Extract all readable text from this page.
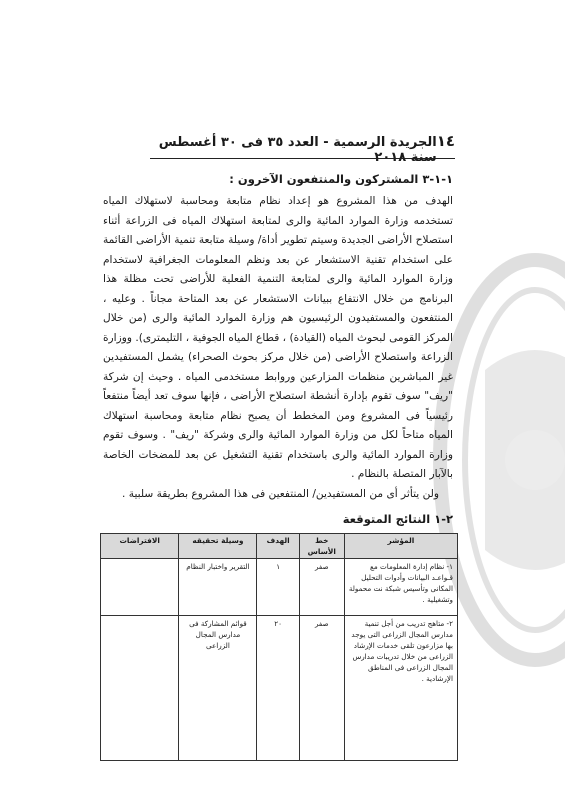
١٤
الجريدة الرسمية - العدد ٣٥ فى ٣٠ أغسطس سنة ٢٠١٨
١-١-٣ المشتركون والمنتفعون الآخرون :

الهدف من هذا المشروع هو إعداد نظام متابعة ومحاسبة لاستهلاك المياه تستخدمه وزارة الموارد المائية والرى لمتابعة استهلاك المياه فى الزراعة أثناء استصلاح الأراضى الجديدة وسيتم تطوير أداة/ وسيلة متابعة تنمية الأراضى القائمة على استخدام تقنية الاستشعار عن بعد ونظم المعلومات الجغرافية لاستخدام وزارة الموارد المائية والرى لمتابعة التنمية الفعلية للأراضى تحت مظلة هذا البرنامج من خلال الانتفاع ببيانات الاستشعار عن بعد المتاحة مجاناً . وعليه ، المنتفعون والمستفيدون الرئيسيون هم وزارة الموارد المائية والرى (من خلال المركز القومى لبحوث المياه (القيادة) ، قطاع المياه الجوفية ، التليمترى). ووزارة الزراعة واستصلاح الأراضى (من خلال مركز بحوث الصحراء) يشمل المستفيدين غير المباشرين منظمات المزارعين وروابط مستخدمى المياه . وحيث إن شركة "ريف" سوف تقوم بإدارة أنشطة استصلاح الأراضى ، فإنها سوف تعد أيضاً منتفعاً رئيسياً فى المشروع ومن المخطط أن يصبح نظام متابعة ومحاسبة استهلاك المياه متاحاً لكل من وزارة الموارد المائية والرى وشركة "ريف" . وسوف تقوم وزارة الموارد المائية والرى باستخدام تقنية التشغيل عن بعد للمضخات الخاصة بالآبار المتصلة بالنظام .

ولن يتأثر أى من المستفيدين/ المنتفعين فى هذا المشروع بطريقة سلبية .

٢-١ النتائج المتوقعة
المؤشر	خط الأساس	الهدف	وسيلة تحقيقه	الافتراضات
١- نظام إدارة المعلومات مع قـواعـد البيانات وأدوات التحليل المكانى وتأسيس شبكة نت محمولة وتشغيلية .	صفر	١	التقرير واختبار النظام	
٢- متاهج تدريب من أجل تنمية مدارس المجال الزراعى التى يوجد بها مزارعون تلقى خدمات الإرشاد الزراعى من خلال تدريبات مدارس المجال الزراعى فى المناطق الإرشادية .	صفر	٢٠	قوائم المشاركة فى مدارس المجال الزراعى	
